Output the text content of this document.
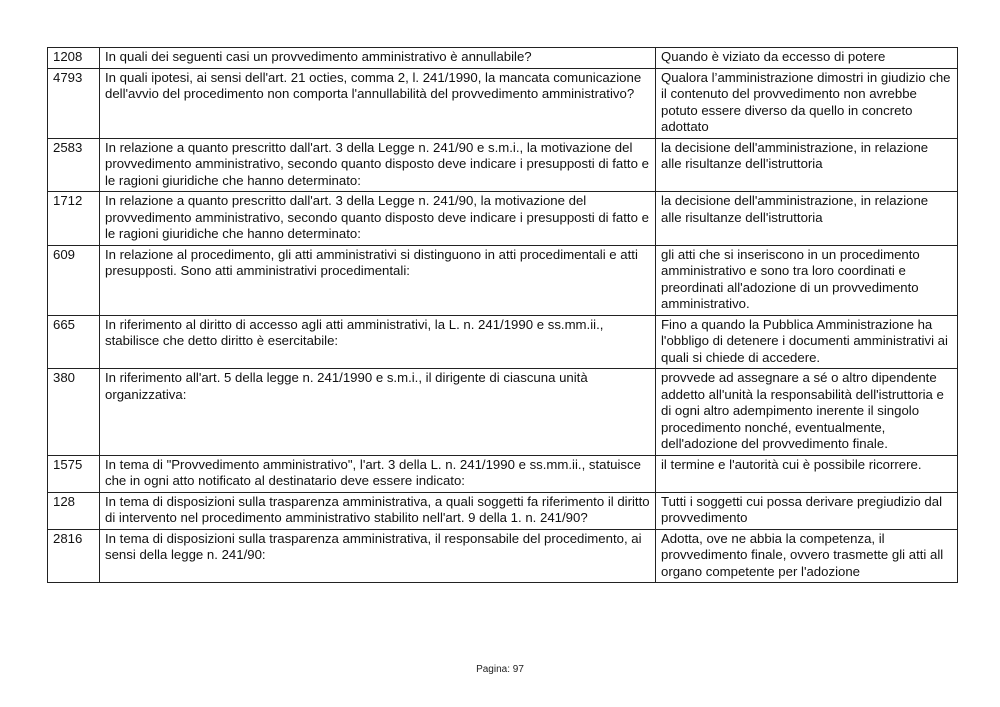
1208	In quali dei seguenti casi un provvedimento amministrativo è annullabile?	Quando è viziato da eccesso di potere
4793	In quali ipotesi, ai sensi dell'art. 21 octies, comma 2, l. 241/1990, la mancata comunicazione dell'avvio del procedimento non comporta l'annullabilità del provvedimento amministrativo?	Qualora l’amministrazione dimostri in giudizio che il contenuto del provvedimento non avrebbe potuto essere diverso da quello in concreto adottato
2583	In relazione a quanto prescritto dall'art. 3 della Legge n. 241/90 e s.m.i., la motivazione del provvedimento amministrativo, secondo quanto disposto deve indicare i presupposti di fatto e le ragioni giuridiche che hanno determinato:	la decisione dell'amministrazione, in relazione alle risultanze dell'istruttoria
1712	In relazione a quanto prescritto dall'art. 3 della Legge n. 241/90, la motivazione del provvedimento amministrativo, secondo quanto disposto deve indicare i presupposti di fatto e le ragioni giuridiche che hanno determinato:	la decisione dell'amministrazione, in relazione alle risultanze dell'istruttoria
609	In relazione al procedimento, gli atti amministrativi si distinguono in atti procedimentali e atti presupposti. Sono atti amministrativi procedimentali:	gli atti che si inseriscono in un procedimento amministrativo e sono tra loro coordinati e preordinati all'adozione di un provvedimento amministrativo.
665	In riferimento al diritto di accesso agli atti amministrativi, la L. n. 241/1990 e ss.mm.ii., stabilisce che detto diritto è esercitabile:	Fino a quando la Pubblica Amministrazione ha l'obbligo di detenere i documenti amministrativi ai quali si chiede di accedere.
380	In riferimento all'art. 5 della legge n. 241/1990 e s.m.i., il dirigente di ciascuna unità organizzativa:	provvede ad assegnare a sé o altro dipendente addetto all'unità la responsabilità dell'istruttoria e di ogni altro adempimento inerente il singolo procedimento nonché, eventualmente, dell'adozione del provvedimento finale.
1575	In tema di "Provvedimento amministrativo", l'art. 3 della L. n. 241/1990 e ss.mm.ii., statuisce che in ogni atto notificato al destinatario deve essere indicato:	il termine e l'autorità cui è possibile ricorrere.
128	In tema di disposizioni sulla trasparenza amministrativa, a quali soggetti fa riferimento il diritto di intervento nel procedimento amministrativo stabilito nell'art. 9 della 1. n. 241/90?	Tutti i soggetti cui possa derivare pregiudizio dal provvedimento
2816	In tema di disposizioni sulla trasparenza amministrativa, il responsabile del procedimento, ai sensi della legge n. 241/90:	Adotta, ove ne abbia la competenza, il provvedimento finale, ovvero trasmette gli atti all organo competente per l'adozione
Pagina: 97
